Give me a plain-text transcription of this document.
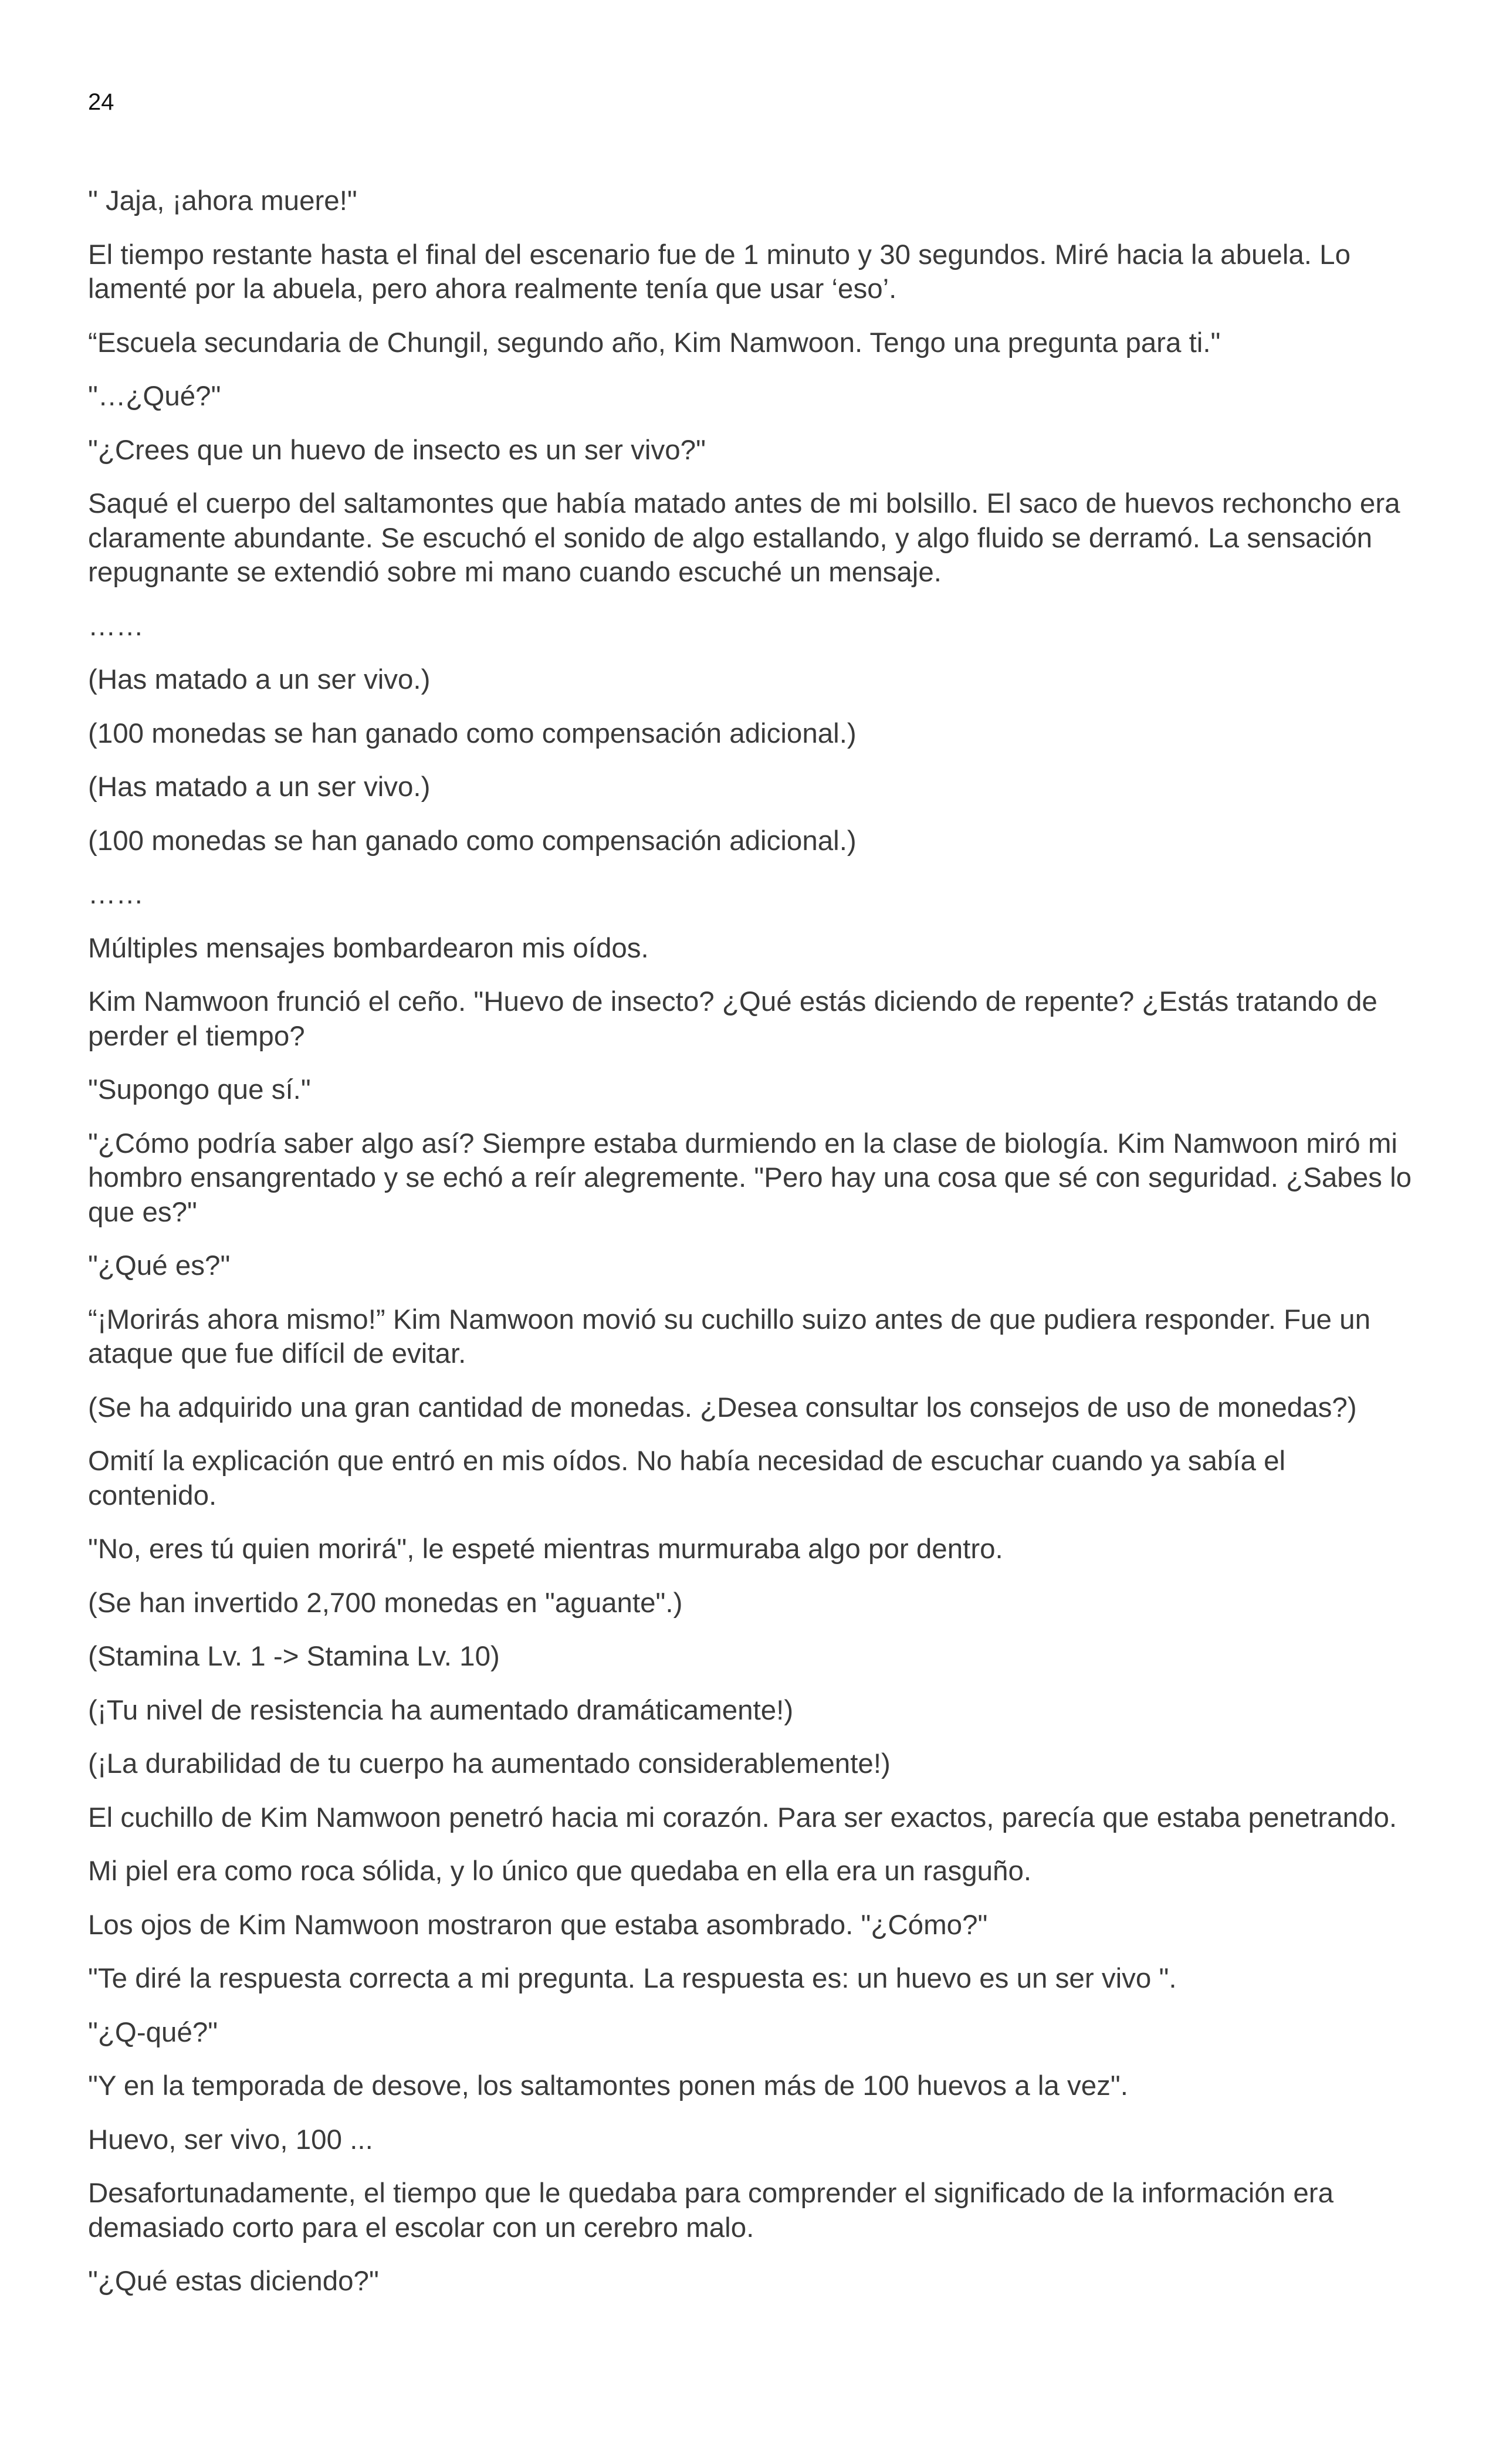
24

" Jaja, ¡ahora muere!"

El tiempo restante hasta el final del escenario fue de 1 minuto y 30 segundos. Miré hacia la abuela. Lo lamenté por la abuela, pero ahora realmente tenía que usar ‘eso’.

“Escuela secundaria de Chungil, segundo año, Kim Namwoon. Tengo una pregunta para ti."

"…¿Qué?"

"¿Crees que un huevo de insecto es un ser vivo?"

Saqué el cuerpo del saltamontes que había matado antes de mi bolsillo. El saco de huevos rechoncho era claramente abundante. Se escuchó el sonido de algo estallando, y algo fluido se derramó. La sensación repugnante se extendió sobre mi mano cuando escuché un mensaje.

……

(Has matado a un ser vivo.)

(100 monedas se han ganado como compensación adicional.)

(Has matado a un ser vivo.)

(100 monedas se han ganado como compensación adicional.)

……

Múltiples mensajes bombardearon mis oídos.

Kim Namwoon frunció el ceño. "Huevo de insecto? ¿Qué estás diciendo de repente? ¿Estás tratando de perder el tiempo?

"Supongo que sí."

"¿Cómo podría saber algo así? Siempre estaba durmiendo en la clase de biología. Kim Namwoon miró mi hombro ensangrentado y se echó a reír alegremente. "Pero hay una cosa que sé con seguridad. ¿Sabes lo que es?"

"¿Qué es?"

“¡Morirás ahora mismo!” Kim Namwoon movió su cuchillo suizo antes de que pudiera responder. Fue un ataque que fue difícil de evitar.

(Se ha adquirido una gran cantidad de monedas. ¿Desea consultar los consejos de uso de monedas?)

Omití la explicación que entró en mis oídos. No había necesidad de escuchar cuando ya sabía el contenido.

"No, eres tú quien morirá", le espeté mientras murmuraba algo por dentro.

(Se han invertido 2,700 monedas en "aguante".)

(Stamina Lv. 1 -> Stamina Lv. 10)

(¡Tu nivel de resistencia ha aumentado dramáticamente!)

(¡La durabilidad de tu cuerpo ha aumentado considerablemente!)

El cuchillo de Kim Namwoon penetró hacia mi corazón. Para ser exactos, parecía que estaba penetrando.

Mi piel era como roca sólida, y lo único que quedaba en ella era un rasguño.

Los ojos de Kim Namwoon mostraron que estaba asombrado. "¿Cómo?"

"Te diré la respuesta correcta a mi pregunta. La respuesta es: un huevo es un ser vivo ".

"¿Q-qué?"

"Y en la temporada de desove, los saltamontes ponen más de 100 huevos a la vez".

Huevo, ser vivo, 100 ...

Desafortunadamente, el tiempo que le quedaba para comprender el significado de la información era demasiado corto para el escolar con un cerebro malo.

"¿Qué estas diciendo?"
